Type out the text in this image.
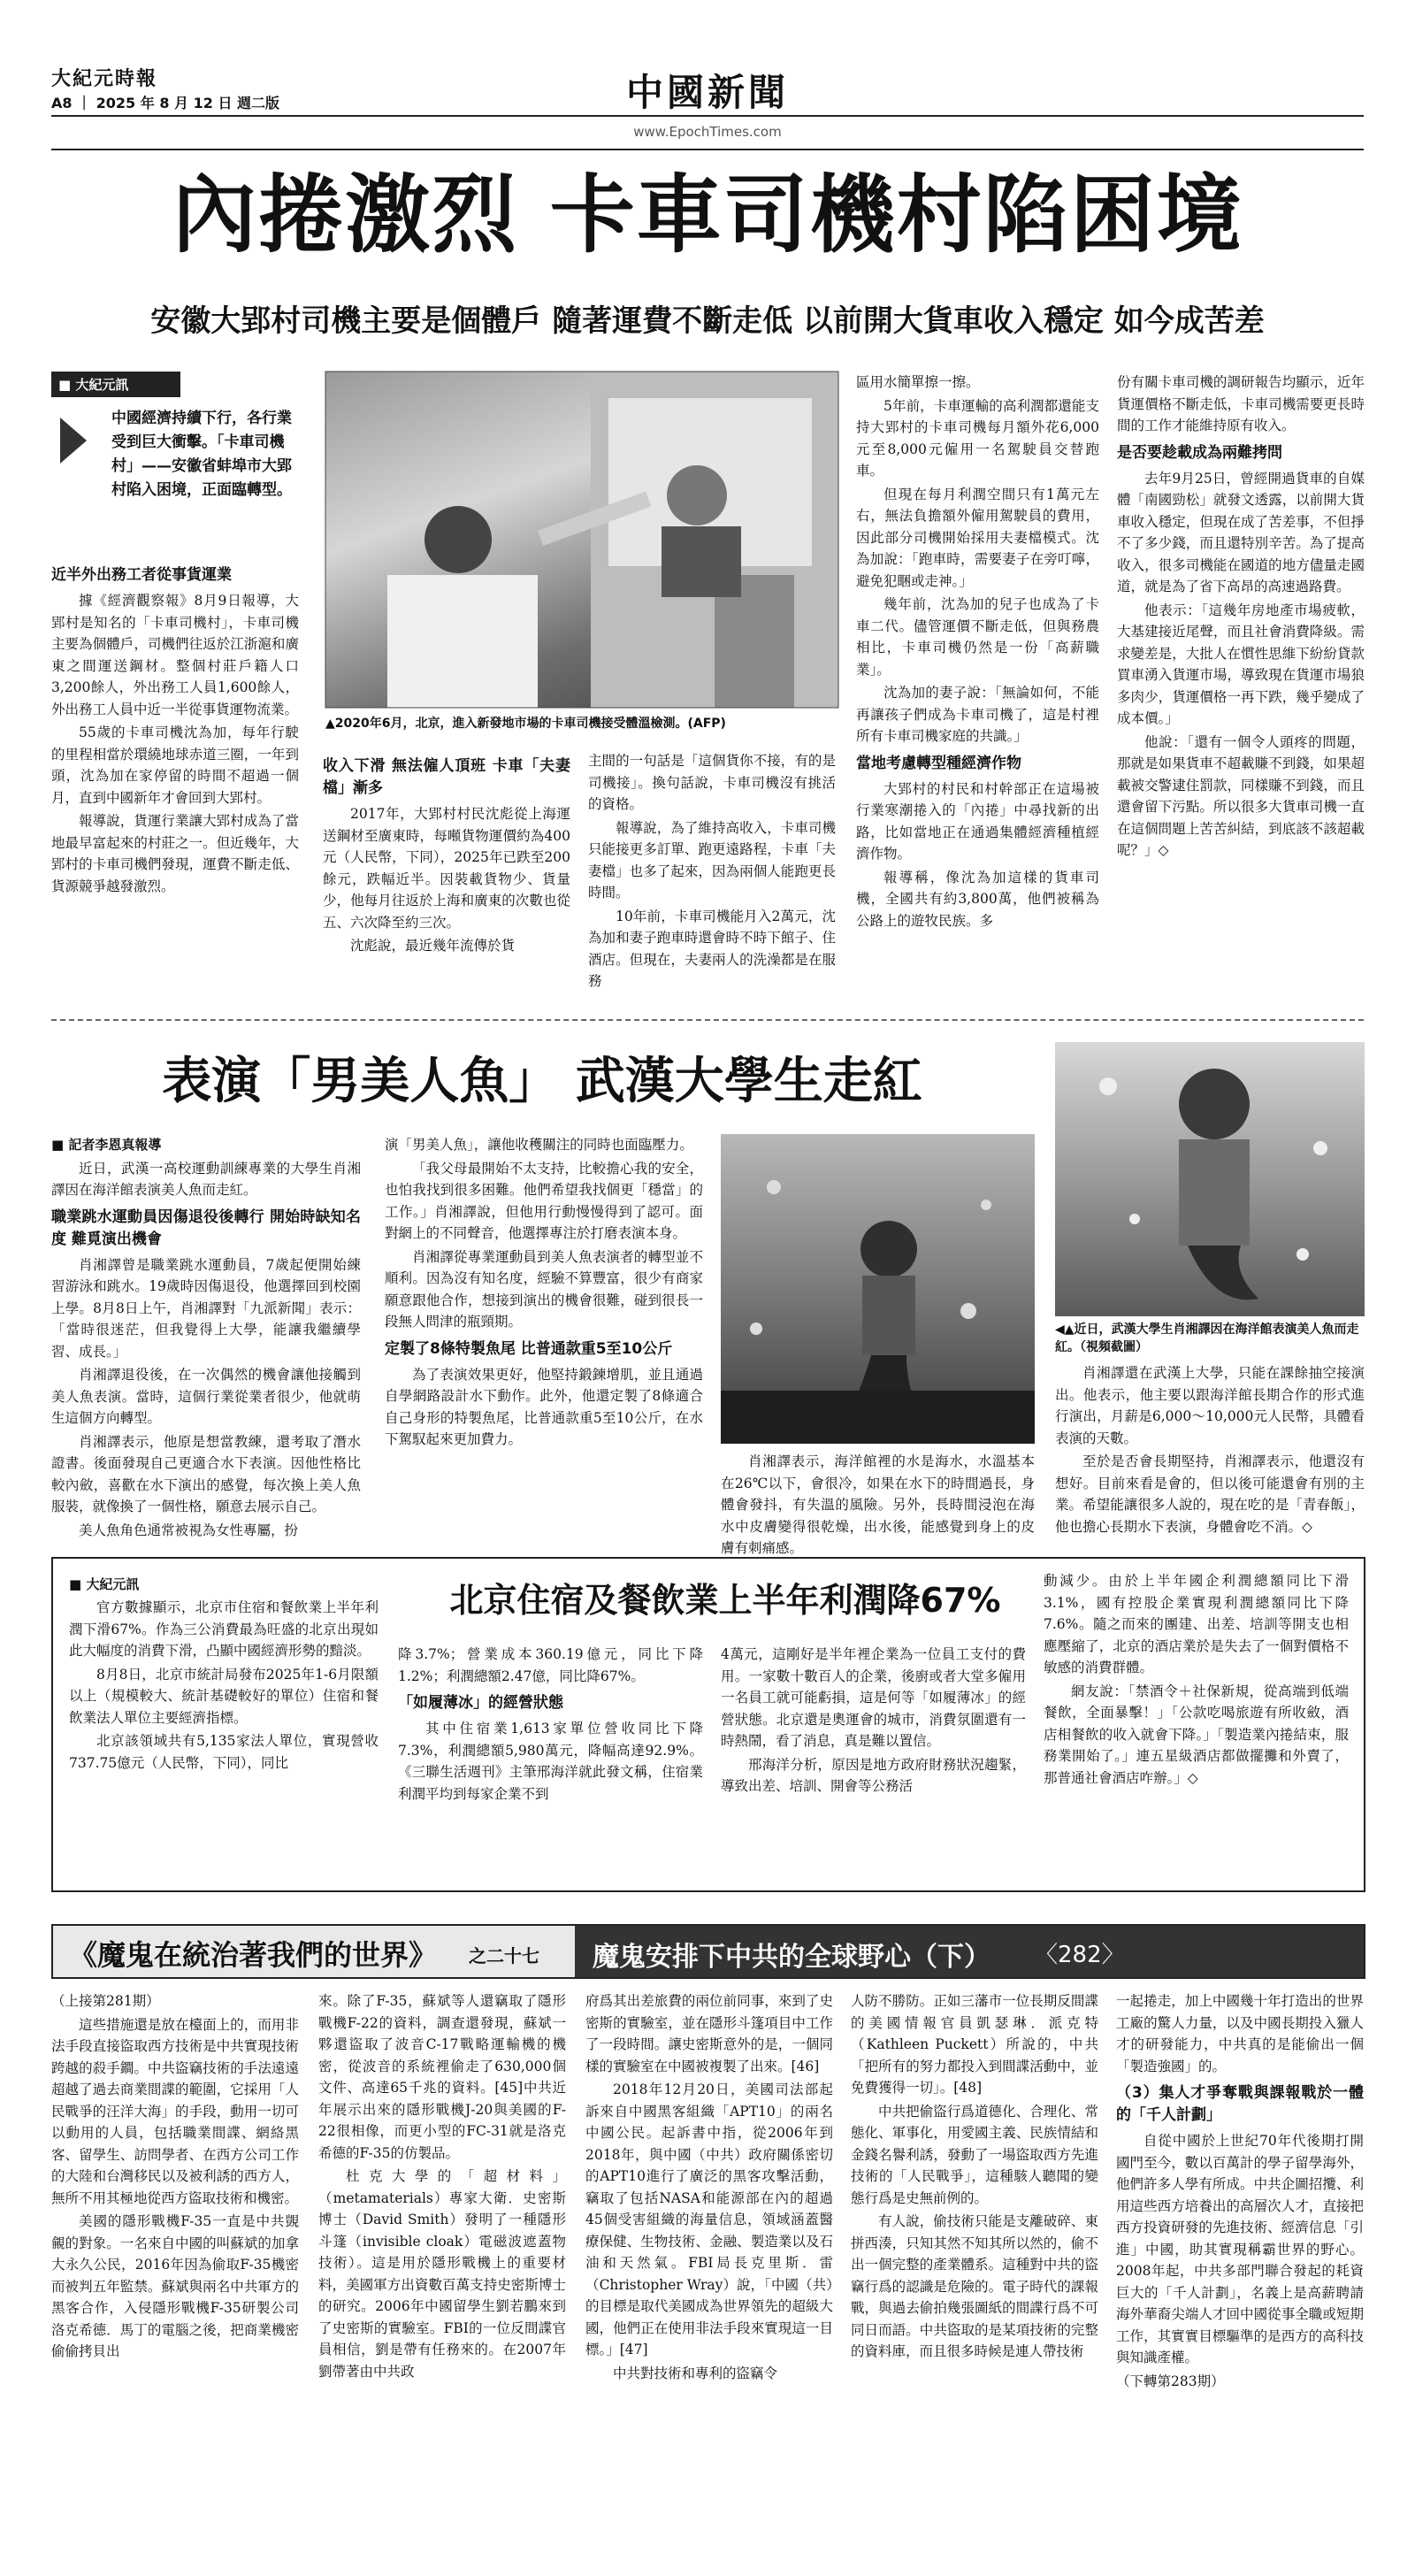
大紀元時報
A8 ｜ 2025 年 8 月 12 日 週二版	中國新聞
www.EpochTimes.com
內捲激烈 卡車司機村陷困境
安徽大郢村司機主要是個體戶 隨著運費不斷走低 以前開大貨車收入穩定 如今成苦差
■ 大紀元訊
中國經濟持續下行，各行業受到巨大衝擊。「卡車司機村」——安徽省蚌埠市大郢村陷入困境，正面臨轉型。
▲2020年6月，北京，進入新發地市場的卡車司機接受體溫檢測。(AFP)

近半外出務工者從事貨運業

據《經濟觀察報》8月9日報導，大郢村是知名的「卡車司機村」，卡車司機主要為個體戶，司機們往返於江浙滬和廣東之間運送鋼材。整個村莊戶籍人口3,200餘人，外出務工人員1,600餘人，外出務工人員中近一半從事貨運物流業。

55歲的卡車司機沈為加，每年行駛的里程相當於環繞地球赤道三圈，一年到頭，沈為加在家停留的時間不超過一個月，直到中國新年才會回到大郢村。

報導說，貨運行業讓大郢村成為了當地最早富起來的村莊之一。但近幾年，大郢村的卡車司機們發現，運費不斷走低、貨源競爭越發激烈。

收入下滑 無法僱人頂班 卡車「夫妻檔」漸多

2017年，大郢村村民沈彪從上海運送鋼材至廣東時，每噸貨物運價約為400元（人民幣，下同），2025年已跌至200餘元，跌幅近半。因裝載貨物少、貨量少，他每月往返於上海和廣東的次數也從五、六次降至約三次。

沈彪說，最近幾年流傳於貨

主間的一句話是「這個貨你不接，有的是司機接」。換句話說，卡車司機沒有挑活的資格。

報導說，為了維持高收入，卡車司機只能接更多訂單、跑更遠路程，卡車「夫妻檔」也多了起來，因為兩個人能跑更長時間。

10年前，卡車司機能月入2萬元，沈為加和妻子跑車時還會時不時下館子、住酒店。但現在，夫妻兩人的洗澡都是在服務

區用水簡單擦一擦。

5年前，卡車運輸的高利潤都還能支持大郢村的卡車司機每月額外花6,000元至8,000元僱用一名駕駛員交替跑車。

但現在每月利潤空間只有1萬元左右，無法負擔額外僱用駕駛員的費用，因此部分司機開始採用夫妻檔模式。沈為加說：「跑車時，需要妻子在旁叮嚀，避免犯睏或走神。」

幾年前，沈為加的兒子也成為了卡車二代。儘管運價不斷走低，但與務農相比，卡車司機仍然是一份「高薪職業」。

沈為加的妻子說：「無論如何，不能再讓孩子們成為卡車司機了，這是村裡所有卡車司機家庭的共識。」

當地考慮轉型種經濟作物

大郢村的村民和村幹部正在這場被行業寒潮捲入的「內捲」中尋找新的出路，比如當地正在通過集體經濟種植經濟作物。

報導稱，像沈為加這樣的貨車司機，全國共有約3,800萬，他們被稱為公路上的遊牧民族。多

份有關卡車司機的調研報告均顯示，近年貨運價格不斷走低，卡車司機需要更長時間的工作才能維持原有收入。

是否要趁載成為兩難拷問

去年9月25日，曾經開過貨車的自媒體「南國勁松」就發文透露，以前開大貨車收入穩定，但現在成了苦差事，不但掙不了多少錢，而且還特別辛苦。為了提高收入，很多司機能在國道的地方儘量走國道，就是為了省下高昂的高速過路費。

他表示：「這幾年房地產市場疲軟，大基建接近尾聲，而且社會消費降級。需求變差是，大批人在慣性思維下紛紛貸款買車湧入貨運市場，導致現在貨運市場狼多肉少，貨運價格一再下跌，幾乎變成了成本價。」

他說：「還有一個令人頭疼的問題，那就是如果貨車不超載賺不到錢，如果超載被交警逮住罰款，同樣賺不到錢，而且還會留下污點。所以很多大貨車司機一直在這個問題上苦苦糾結，到底該不該超載呢？」◇

表演「男美人魚」 武漢大學生走紅
◀▲近日，武漢大學生肖湘譯因在海洋館表演美人魚而走紅。（視頻截圖）

■ 記者李恩真報導

近日，武漢一高校運動訓練專業的大學生肖湘譯因在海洋館表演美人魚而走紅。

職業跳水運動員因傷退役後轉行 開始時缺知名度 難覓演出機會

肖湘譯曾是職業跳水運動員，7歲起便開始練習游泳和跳水。19歲時因傷退役，他選擇回到校園上學。8月8日上午，肖湘譯對「九派新聞」表示：「當時很迷茫，但我覺得上大學，能讓我繼續學習、成長。」

肖湘譯退役後，在一次偶然的機會讓他接觸到美人魚表演。當時，這個行業從業者很少，他就萌生這個方向轉型。

肖湘譯表示，他原是想當教練，還考取了潛水證書。後面發現自己更適合水下表演。因他性格比較內斂，喜歡在水下演出的感覺，每次換上美人魚服裝，就像換了一個性格，願意去展示自己。

美人魚角色通常被視為女性專屬，扮

演「男美人魚」，讓他收穫關注的同時也面臨壓力。

「我父母最開始不太支持，比較擔心我的安全，也怕我找到很多困難。他們希望我找個更「穩當」的工作。」肖湘譯說，但他用行動慢慢得到了認可。面對網上的不同聲音，他選擇專注於打磨表演本身。

肖湘譯從專業運動員到美人魚表演者的轉型並不順利。因為沒有知名度，經驗不算豐富，很少有商家願意跟他合作，想接到演出的機會很難，碰到很長一段無人問津的瓶頸期。

定製了8條特製魚尾 比普通款重5至10公斤

為了表演效果更好，他堅持鍛鍊增肌，並且通過自學網路設計水下動作。此外，他還定製了8條適合自己身形的特製魚尾，比普通款重5至10公斤，在水下駕馭起來更加費力。

肖湘譯表示，海洋館裡的水是海水，水溫基本在26℃以下，會很冷，如果在水下的時間過長，身體會發抖，有失溫的風險。另外，長時間浸泡在海水中皮膚變得很乾燥，出水後，能感覺到身上的皮膚有刺痛感。

肖湘譯還在武漢上大學，只能在課餘抽空接演出。他表示，他主要以跟海洋館長期合作的形式進行演出，月薪是6,000～10,000元人民幣，具體看表演的天數。

至於是否會長期堅持，肖湘譯表示，他還沒有想好。目前來看是會的，但以後可能還會有別的主業。希望能讓很多人說的，現在吃的是「青春飯」，他也擔心長期水下表演，身體會吃不消。◇

■ 大紀元訊	北京住宿及餐飲業上半年利潤降67%

官方數據顯示，北京市住宿和餐飲業上半年利潤下滑67%。作為三公消費最為旺盛的北京出現如此大幅度的消費下滑，凸顯中國經濟形勢的黯淡。

8月8日，北京市統計局發布2025年1-6月限額以上（規模較大、統計基礎較好的單位）住宿和餐飲業法人單位主要經濟指標。

北京該領域共有5,135家法人單位，實現營收737.75億元（人民幣，下同），同比

降3.7%；營業成本360.19億元，同比下降1.2%；利潤總額2.47億，同比降67%。

「如履薄冰」的經營狀態

其中住宿業1,613家單位營收同比下降7.3%，利潤總額5,980萬元，降幅高達92.9%。《三聯生活週刊》主筆邢海洋就此發文稱，住宿業利潤平均到每家企業不到

4萬元，這剛好是半年裡企業為一位員工支付的費用。一家數十數百人的企業，後廚或者大堂多僱用一名員工就可能虧損，這是何等「如履薄冰」的經營狀態。北京還是奧運會的城市，消費氛圍還有一時熱鬧，看了消息，真是難以置信。

邢海洋分析，原因是地方政府財務狀況趨緊，導致出差、培訓、開會等公務活

動減少。由於上半年國企利潤總額同比下滑3.1%，國有控股企業實現利潤總額同比下降7.6%。隨之而來的團建、出差、培訓等開支也相應壓縮了，北京的酒店業於是失去了一個對價格不敏感的消費群體。

網友說：「禁酒令＋社保新規，從高端到低端餐飲，全面暴擊！」「公款吃喝旅遊有所收斂，酒店相餐飲的收入就會下降。」「製造業內捲結束，服務業開始了。」連五星級酒店都做擺攤和外賣了，那普通社會酒店咋辦。」◇

《魔鬼在統治著我們的世界》 之二十七 魔鬼安排下中共的全球野心（下） 〈282〉

（上接第281期）

這些措施還是放在檯面上的，而用非法手段直接盜取西方技術是中共實現技術跨越的殺手鐧。中共盜竊技術的手法遠遠超越了過去商業間諜的範圍，它採用「人民戰爭的汪洋大海」的手段，動用一切可以動用的人員，包括職業間諜、網絡黑客、留學生、訪問學者、在西方公司工作的大陸和台灣移民以及被利誘的西方人，無所不用其極地從西方盜取技術和機密。

美國的隱形戰機F-35一直是中共覬覦的對象。一名來自中國的叫蘇斌的加拿大永久公民，2016年因為偷取F-35機密而被判五年監禁。蘇斌與兩名中共軍方的黑客合作，入侵隱形戰機F-35研製公司洛克希德．馬丁的電腦之後，把商業機密偷偷拷貝出

來。除了F-35，蘇斌等人還竊取了隱形戰機F-22的資料，調查還發現，蘇斌一夥還盜取了波音C-17戰略運輸機的機密，從波音的系統裡偷走了630,000個文件、高達65千兆的資料。[45]中共近年展示出來的隱形戰機J-20與美國的F-22很相像，而更小型的FC-31就是洛克希德的F-35的仿製品。

杜克大學的「超材料」（metamaterials）專家大衛．史密斯博士（David Smith）發明了一種隱形斗篷（invisible cloak）電磁波遮蓋物技術）。這是用於隱形戰機上的重要材料，美國軍方出資數百萬支持史密斯博士的研究。2006年中國留學生劉若鵬來到了史密斯的實驗室。FBI的一位反間諜官員相信，劉是帶有任務來的。在2007年劉帶著由中共政

府爲其出差旅費的兩位前同事，來到了史密斯的實驗室，並在隱形斗篷項目中工作了一段時間。讓史密斯意外的是，一個同樣的實驗室在中國被複製了出來。[46]

2018年12月20日，美國司法部起訴來自中國黑客組織「APT10」的兩名中國公民。起訴書中指，從2006年到2018年，與中國（中共）政府關係密切的APT10進行了廣泛的黑客攻擊活動，竊取了包括NASA和能源部在內的超過45個受害組織的海量信息，領域涵蓋醫療保健、生物技術、金融、製造業以及石油和天然氣。FBI局長克里斯．雷（Christopher Wray）說，「中國（共）的目標是取代美國成為世界領先的超級大國，他們正在使用非法手段來實現這一目標。」[47]

中共對技術和專利的盜竊令

人防不勝防。正如三藩市一位長期反間諜的美國情報官員凱瑟琳．派克特（Kathleen Puckett）所說的，中共「把所有的努力都投入到間諜活動中，並免費獲得一切」。[48]

中共把偷盜行爲道德化、合理化、常態化、軍事化，用愛國主義、民族情結和金錢名譽利誘，發動了一場盜取西方先進技術的「人民戰爭」，這種駭人聽聞的變態行爲是史無前例的。

有人說，偷技術只能是支離破碎、東拼西湊，只知其然不知其所以然的，偷不出一個完整的產業體系。這種對中共的盜竊行爲的認識是危險的。電子時代的課報戰，與過去偷拍幾張圖紙的間諜行爲不可同日而語。中共盜取的是某項技術的完整的資料庫，而且很多時候是連人帶技術

一起捲走，加上中國幾十年打造出的世界工廠的驚人力量，以及中國長期投入獵人才的研發能力，中共真的是能偷出一個「製造強國」的。

（3）集人才爭奪戰與課報戰於一體的「千人計劃」

自從中國於上世紀70年代後期打開國門至今，數以百萬計的學子留學海外，他們許多人學有所成。中共企圖招攬、利用這些西方培養出的高層次人才，直接把西方投資研發的先進技術、經濟信息「引進」中國，助其實現稱霸世界的野心。2008年起，中共多部門聯合發起的耗資巨大的「千人計劃」，名義上是高薪聘請海外華裔尖端人才回中國從事全職或短期工作，其實實目標驅準的是西方的高科技與知識產權。

（下轉第283期）
